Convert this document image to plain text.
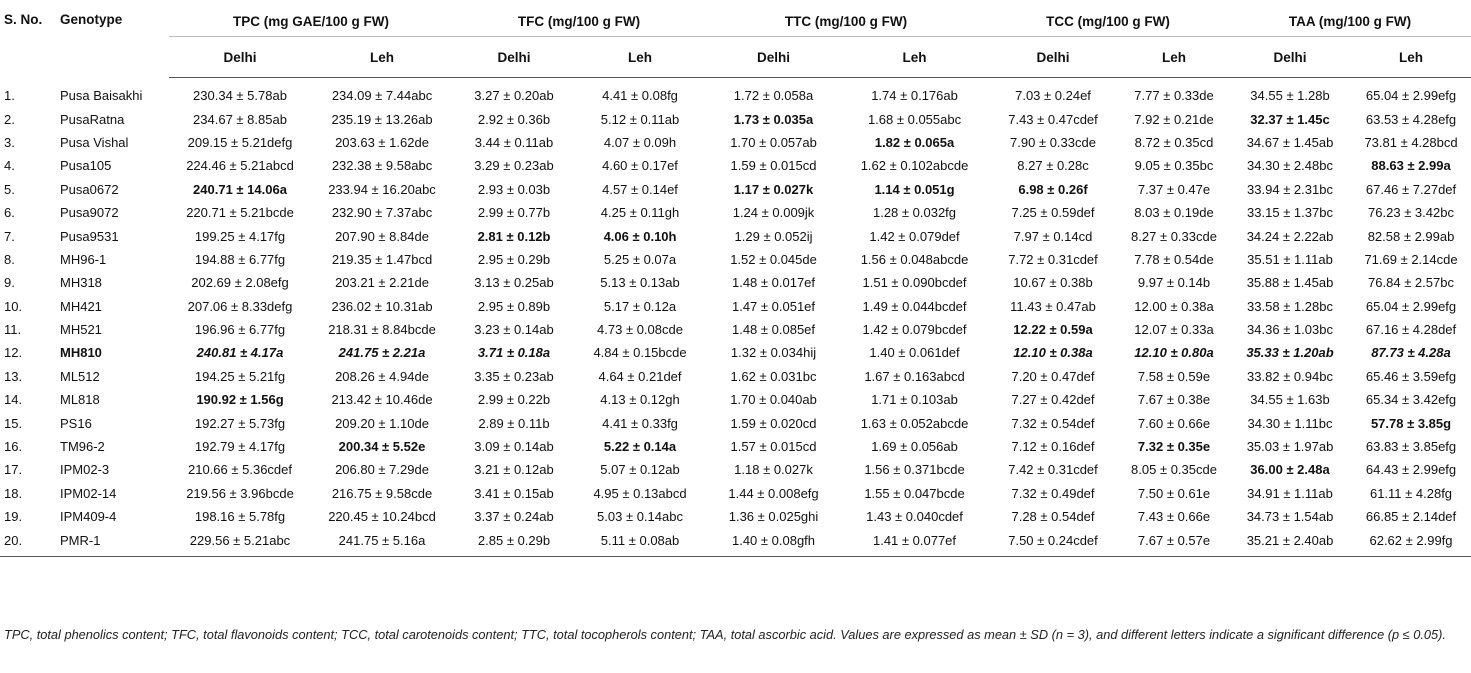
S. No.	Genotype	TPC (mg GAE/100 g FW)		TFC (mg/100 g FW)		TTC (mg/100 g FW)		TCC (mg/100 g FW)		TAA (mg/100 g FW)	
		Delhi	Leh	Delhi	Leh	Delhi	Leh	Delhi	Leh	Delhi	Leh
1.	Pusa Baisakhi	230.34 ± 5.78ab	234.09 ± 7.44abc	3.27 ± 0.20ab	4.41 ± 0.08fg	1.72 ± 0.058a	1.74 ± 0.176ab	7.03 ± 0.24ef	7.77 ± 0.33de	34.55 ± 1.28b	65.04 ± 2.99efg
2.	PusaRatna	234.67 ± 8.85ab	235.19 ± 13.26ab	2.92 ± 0.36b	5.12 ± 0.11ab	1.73 ± 0.035a	1.68 ± 0.055abc	7.43 ± 0.47cdef	7.92 ± 0.21de	32.37 ± 1.45c	63.53 ± 4.28efg
3.	Pusa Vishal	209.15 ± 5.21defg	203.63 ± 1.62de	3.44 ± 0.11ab	4.07 ± 0.09h	1.70 ± 0.057ab	1.82 ± 0.065a	7.90 ± 0.33cde	8.72 ± 0.35cd	34.67 ± 1.45ab	73.81 ± 4.28bcd
4.	Pusa105	224.46 ± 5.21abcd	232.38 ± 9.58abc	3.29 ± 0.23ab	4.60 ± 0.17ef	1.59 ± 0.015cd	1.62 ± 0.102abcde	8.27 ± 0.28c	9.05 ± 0.35bc	34.30 ± 2.48bc	88.63 ± 2.99a
5.	Pusa0672	240.71 ± 14.06a	233.94 ± 16.20abc	2.93 ± 0.03b	4.57 ± 0.14ef	1.17 ± 0.027k	1.14 ± 0.051g	6.98 ± 0.26f	7.37 ± 0.47e	33.94 ± 2.31bc	67.46 ± 7.27def
6.	Pusa9072	220.71 ± 5.21bcde	232.90 ± 7.37abc	2.99 ± 0.77b	4.25 ± 0.11gh	1.24 ± 0.009jk	1.28 ± 0.032fg	7.25 ± 0.59def	8.03 ± 0.19de	33.15 ± 1.37bc	76.23 ± 3.42bc
7.	Pusa9531	199.25 ± 4.17fg	207.90 ± 8.84de	2.81 ± 0.12b	4.06 ± 0.10h	1.29 ± 0.052ij	1.42 ± 0.079def	7.97 ± 0.14cd	8.27 ± 0.33cde	34.24 ± 2.22ab	82.58 ± 2.99ab
8.	MH96-1	194.88 ± 6.77fg	219.35 ± 1.47bcd	2.95 ± 0.29b	5.25 ± 0.07a	1.52 ± 0.045de	1.56 ± 0.048abcde	7.72 ± 0.31cdef	7.78 ± 0.54de	35.51 ± 1.11ab	71.69 ± 2.14cde
9.	MH318	202.69 ± 2.08efg	203.21 ± 2.21de	3.13 ± 0.25ab	5.13 ± 0.13ab	1.48 ± 0.017ef	1.51 ± 0.090bcdef	10.67 ± 0.38b	9.97 ± 0.14b	35.88 ± 1.45ab	76.84 ± 2.57bc
10.	MH421	207.06 ± 8.33defg	236.02 ± 10.31ab	2.95 ± 0.89b	5.17 ± 0.12a	1.47 ± 0.051ef	1.49 ± 0.044bcdef	11.43 ± 0.47ab	12.00 ± 0.38a	33.58 ± 1.28bc	65.04 ± 2.99efg
11.	MH521	196.96 ± 6.77fg	218.31 ± 8.84bcde	3.23 ± 0.14ab	4.73 ± 0.08cde	1.48 ± 0.085ef	1.42 ± 0.079bcdef	12.22 ± 0.59a	12.07 ± 0.33a	34.36 ± 1.03bc	67.16 ± 4.28def
12.	MH810	240.81 ± 4.17a	241.75 ± 2.21a	3.71 ± 0.18a	4.84 ± 0.15bcde	1.32 ± 0.034hij	1.40 ± 0.061def	12.10 ± 0.38a	12.10 ± 0.80a	35.33 ± 1.20ab	87.73 ± 4.28a
13.	ML512	194.25 ± 5.21fg	208.26 ± 4.94de	3.35 ± 0.23ab	4.64 ± 0.21def	1.62 ± 0.031bc	1.67 ± 0.163abcd	7.20 ± 0.47def	7.58 ± 0.59e	33.82 ± 0.94bc	65.46 ± 3.59efg
14.	ML818	190.92 ± 1.56g	213.42 ± 10.46de	2.99 ± 0.22b	4.13 ± 0.12gh	1.70 ± 0.040ab	1.71 ± 0.103ab	7.27 ± 0.42def	7.67 ± 0.38e	34.55 ± 1.63b	65.34 ± 3.42efg
15.	PS16	192.27 ± 5.73fg	209.20 ± 1.10de	2.89 ± 0.11b	4.41 ± 0.33fg	1.59 ± 0.020cd	1.63 ± 0.052abcde	7.32 ± 0.54def	7.60 ± 0.66e	34.30 ± 1.11bc	57.78 ± 3.85g
16.	TM96-2	192.79 ± 4.17fg	200.34 ± 5.52e	3.09 ± 0.14ab	5.22 ± 0.14a	1.57 ± 0.015cd	1.69 ± 0.056ab	7.12 ± 0.16def	7.32 ± 0.35e	35.03 ± 1.97ab	63.83 ± 3.85efg
17.	IPM02-3	210.66 ± 5.36cdef	206.80 ± 7.29de	3.21 ± 0.12ab	5.07 ± 0.12ab	1.18 ± 0.027k	1.56 ± 0.371bcde	7.42 ± 0.31cdef	8.05 ± 0.35cde	36.00 ± 2.48a	64.43 ± 2.99efg
18.	IPM02-14	219.56 ± 3.96bcde	216.75 ± 9.58cde	3.41 ± 0.15ab	4.95 ± 0.13abcd	1.44 ± 0.008efg	1.55 ± 0.047bcde	7.32 ± 0.49def	7.50 ± 0.61e	34.91 ± 1.11ab	61.11 ± 4.28fg
19.	IPM409-4	198.16 ± 5.78fg	220.45 ± 10.24bcd	3.37 ± 0.24ab	5.03 ± 0.14abc	1.36 ± 0.025ghi	1.43 ± 0.040cdef	7.28 ± 0.54def	7.43 ± 0.66e	34.73 ± 1.54ab	66.85 ± 2.14def
20.	PMR-1	229.56 ± 5.21abc	241.75 ± 5.16a	2.85 ± 0.29b	5.11 ± 0.08ab	1.40 ± 0.08gfh	1.41 ± 0.077ef	7.50 ± 0.24cdef	7.67 ± 0.57e	35.21 ± 2.40ab	62.62 ± 2.99fg
TPC, total phenolics content; TFC, total flavonoids content; TCC, total carotenoids content; TTC, total tocopherols content; TAA, total ascorbic acid. Values are expressed as mean ± SD (n = 3), and different letters indicate a significant difference (p ≤ 0.05).
